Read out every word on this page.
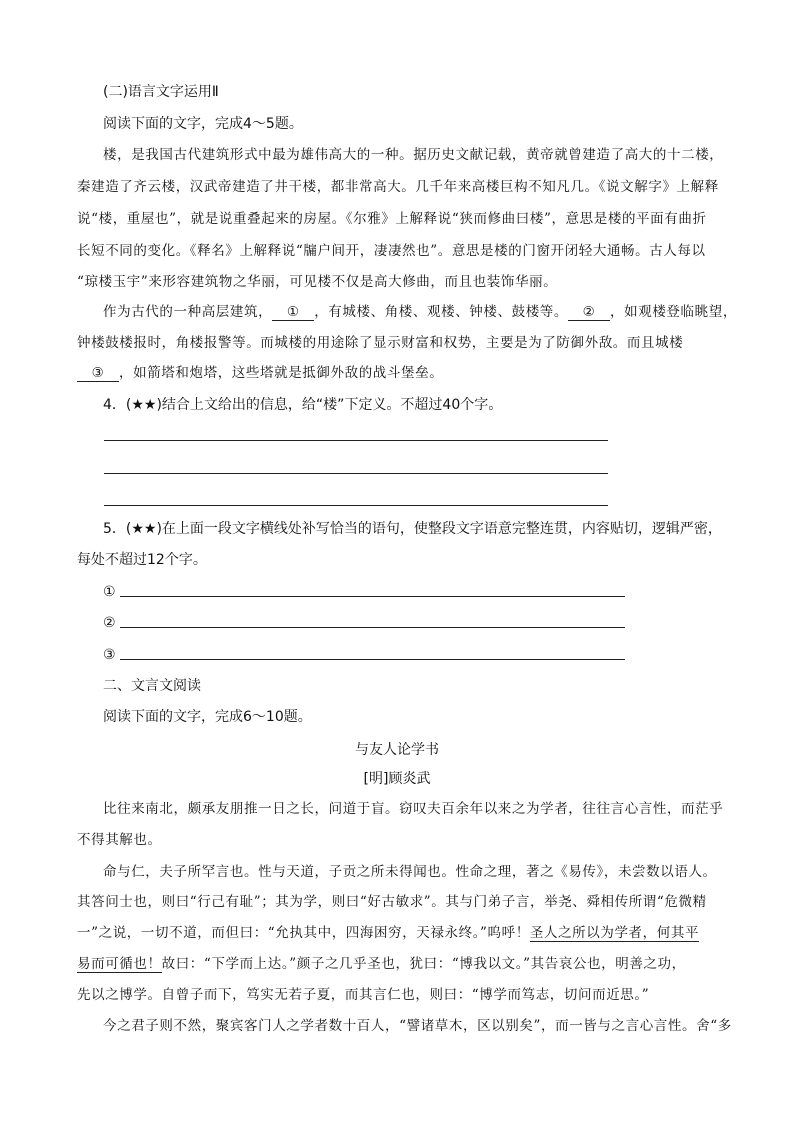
(二)语言文字运用Ⅱ
阅读下面的文字，完成4～5题。
楼，是我国古代建筑形式中最为雄伟高大的一种。据历史文献记载，黄帝就曾建造了高大的十二楼，
秦建造了齐云楼，汉武帝建造了井干楼，都非常高大。几千年来高楼巨构不知凡几。《说文解字》上解释
说“楼，重屋也”，就是说重叠起来的房屋。《尔雅》上解释说“狭而修曲曰楼”，意思是楼的平面有曲折
长短不同的变化。《释名》上解释说“牖户间开，凄凄然也”。意思是楼的门窗开闭轻大通畅。古人每以
“琼楼玉宇”来形容建筑物之华丽，可见楼不仅是高大修曲，而且也装饰华丽。
作为古代的一种高层建筑， ① ，有城楼、角楼、观楼、钟楼、鼓楼等。 ② ，如观楼登临眺望，
钟楼鼓楼报时，角楼报警等。而城楼的用途除了显示财富和权势，主要是为了防御外敌。而且城楼
③ ，如箭塔和炮塔，这些塔就是抵御外敌的战斗堡垒。
4．(★★)结合上文给出的信息，给“楼”下定义。不超过40个字。
5．(★★)在上面一段文字横线处补写恰当的语句，使整段文字语意完整连贯，内容贴切，逻辑严密，
每处不超过12个字。
①
②
③
二、文言文阅读
阅读下面的文字，完成6～10题。
与友人论学书
[明]顾炎武
比往来南北，颇承友朋推一日之长，问道于盲。窃叹夫百余年以来之为学者，往往言心言性，而茫乎
不得其解也。
命与仁，夫子所罕言也。性与天道，子贡之所未得闻也。性命之理，著之《易传》，未尝数以语人。
其答问士也，则曰“行己有耻”；其为学，则曰“好古敏求”。其与门弟子言，举尧、舜相传所谓“危微精
一”之说，一切不道，而但曰：“允执其中，四海困穷，天禄永终。”呜呼！圣人之所以为学者，何其平
易而可循也！故曰：“下学而上达。”颜子之几乎圣也，犹曰：“博我以文。”其告哀公也，明善之功，
先以之博学。自曾子而下，笃实无若子夏，而其言仁也，则曰：“博学而笃志，切问而近思。”
今之君子则不然，聚宾客门人之学者数十百人，“譬诸草木，区以别矣”，而一皆与之言心言性。舍“多
